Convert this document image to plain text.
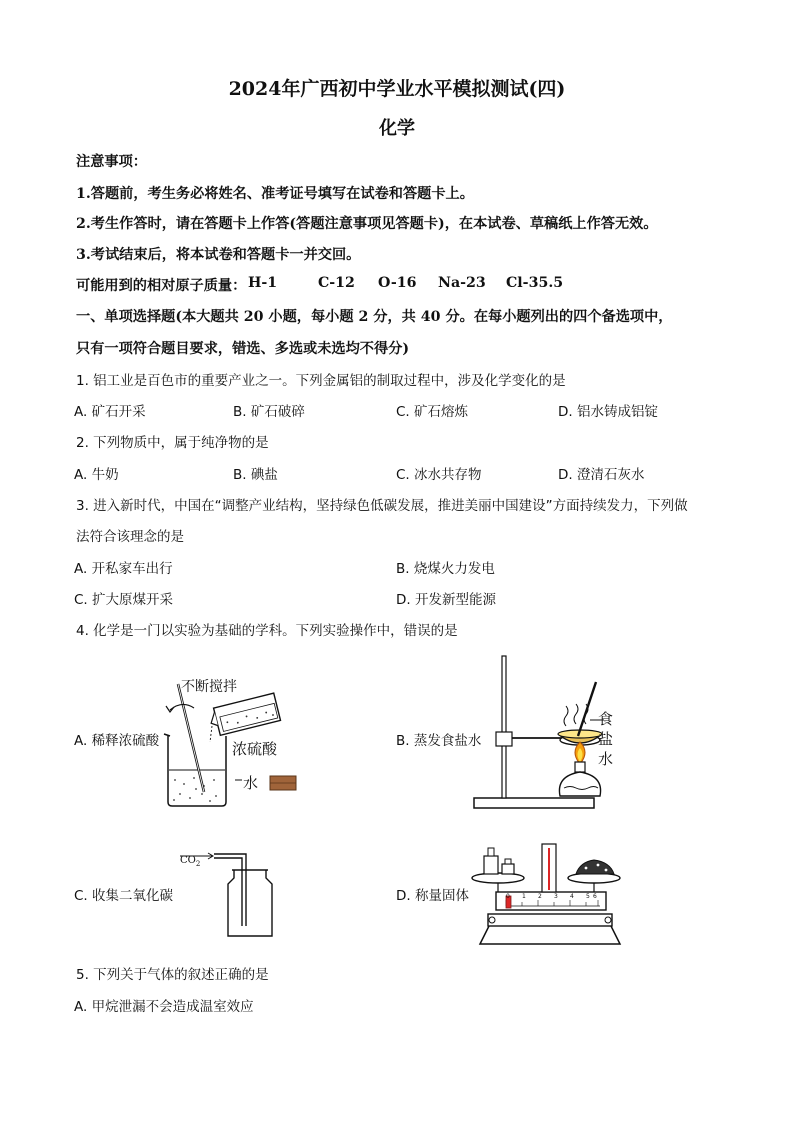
2024年广西初中学业水平模拟测试(四)
化学
注意事项：
1.答题前，考生务必将姓名、准考证号填写在试卷和答题卡上。
2.考生作答时，请在答题卡上作答(答题注意事项见答题卡)，在本试卷、草稿纸上作答无效。
3.考试结束后，将本试卷和答题卡一并交回。
可能用到的相对原子质量： H-1	C-12 O-16 Na-23 Cl-35.5
一、单项选择题(本大题共 20 小题，每小题 2 分，共 40 分。在每小题列出的四个备选项中，
只有一项符合题目要求，错选、多选或未选均不得分)
1. 铝工业是百色市的重要产业之一。下列金属铝的制取过程中，涉及化学变化的是
A. 矿石开采	B. 矿石破碎	C. 矿石熔炼	D. 铝水铸成铝锭
2. 下列物质中，属于纯净物的是
A. 牛奶	B. 碘盐	C. 冰水共存物	D. 澄清石灰水
3. 进入新时代，中国在“调整产业结构，坚持绿色低碳发展，推进美丽中国建设”方面持续发力，下列做
法符合该理念的是
A. 开私家车出行	B. 烧煤火力发电
C. 扩大原煤开采	D. 开发新型能源
4. 化学是一门以实验为基础的学科。下列实验操作中，错误的是
A. 稀释浓硫酸	B. 蒸发食盐水
C. 收集二氧化碳	D. 称量固体
不断搅拌
浓硫酸
水
食
盐
水
$CO_2$
0 1 2 3 4 5 6
5. 下列关于气体的叙述正确的是
A. 甲烷泄漏不会造成温室效应
